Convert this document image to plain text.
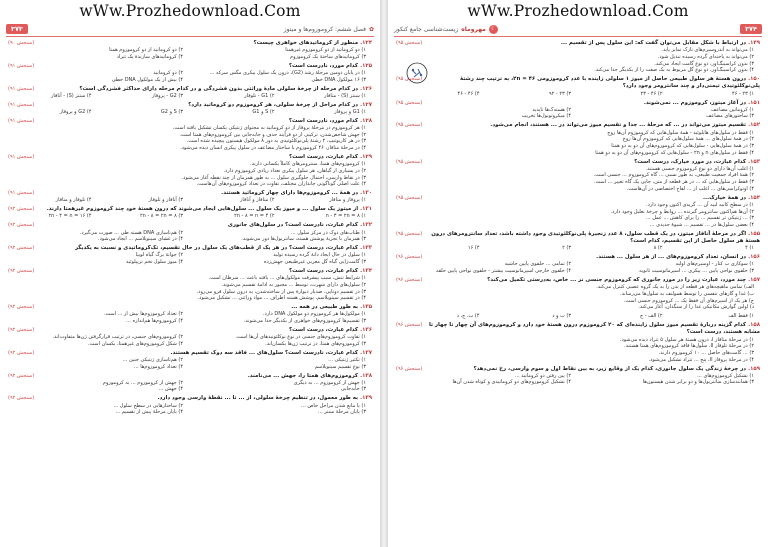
wWw.Prozhedownload.Com
✿فصل ششم: کروموزوم‌ها و میتوز
۳۷۳
۱۲۴.منظور از کروماتیدهای خواهری چیست؟
(سنجش ۹۰)
۱) دو کروماتید از دو کروموزوم غیرهمتا
۲) دو کروماتید از دو کروموزوم همتا
۳) کروماتیدهای ساختهٔ یک کروموزوم
۴) کروماتیدهای سازندهٔ یک تتراد
۱۲۵.کدام مورد، نادرست است؟
(سنجش ۹۱)
۱) در پایان دومین مرحلهٔ رشد (G2)، درون یک سلول پیکری مگس سرکه ...
۲) دو کروماتید
۳) ۱۶ مولکول DNA خطی
۴) بیش از یک مولکول DNA خطی
۱۲۶.در کدام مرحله از چرخهٔ سلولی مادهٔ وراثتی بدون فشردگی و در کدام مرحله دارای حداکثر فشردگی است؟
(سنجش ۹۱)
۱) سنتز (S) - متافاز
۲) G1 - تلوفاز
۳) G2 - پروفاز
۴) سنتز (S) - آنافاز
۱۲۷.در کدام مراحل از چرخهٔ سلولی، هر کروموزوم دو کروماتید دارد؟
(سنجش ۹۱)
۱) G1 و پروفاز
۲) S و G1
۳) S و G2
۴) G2 و پروفاز
۱۲۸.کدام مورد، نادرست است؟
(سنجش ۹۱)
۱) هر کروموزوم در مرحلهٔ پروفاز از دو کروماتید به محتوای ژنتیکی یکسان تشکیل یافته است.
۲) جهش شاخص‌شدن، ترکیبی از دو فرآیند حذف و جابه‌جایی بین کروموزوم‌های همتا است.
۳) در هر کاریوتیپ، ۲ رشتهٔ پلی‌نوکلئوتیدی به دور ۸ مولکول هیستون پیچیده شده است.
۴) در مرحلهٔ متافاز، ۴۶ کروموزوم با ساختار مضاعف در سلول پیکری انسان دیده می‌شود.
۱۲۹.کدام عبارت، درست است؟
(سنجش ۹۱)
۱) کروموزوم‌های همتا، سنترومرهای کاملاً یکسانی دارند.
۲) در بسیاری از گیاهان، هر سلول پیکری تعداد زیادی کروموزوم دارد.
۳) در نقاط وارسی، احتمال جلوگیری سلول ... به طور همزمان از چند نقطه آغاز می‌شود.
۴) علت اصلی گوناگونی جانداران مختلف، تفاوت در تعداد کروموزوم‌های آن‌هاست.
۱۳۰.در همهٔ ... کروموزوم‌ها دارای چهار کروماتید هستند.
(سنجش ۹۱)
۱) پروفاز و متافاز
۲) متافاز و آنافاز
۳) آنافاز و تلوفاز
۴) تلوفاز و متافاز
۱۳۱.از میتوز یک سلول ... و میوز یک سلول ... سلول‌هایی ایجاد می‌شوند که درون هستهٔ خود چند کروموزوم غیرهمتا دارند.
(سنجش ۹۲)
۱) ۸ = n - ۳ = ۲n
۲) ۴ = ۲n - ۸ = n
۳) ۸ = ۲n - ۸ = ۲n
۴) ۱۶ = ۲n - ۴ = n
۱۳۲.کدام عبارت، نادرست است؟ در سلول‌های جانوری
(سنجش ۹۲)
۱) طناب‌های دوک در مرکز سلول ...
۲) هم‌تاسازی DNA هسته طی ... صورت می‌گیرد.
۳) همزمان با تجزیهٔ پوشش هسته، سانتریول‌ها دور می‌شوند.
۴) در غشای سیتوپلاسم ... ایجاد می‌شود.
۱۳۳.کدام عبارت، درست است؟ در هر یک از قطب‌های یک سلول در حال تقسیم، تک‌کروماتیدی و نسبت به یکدیگر
(سنجش ۹۲)
۱) سلول در حال ایجاد دانهٔ گرده رسیده تولید
۲) جوانهٔ برگ گیاه لوبیا
۳) گامت‌زایی گیاه گل مغربی غیرطبیعی جهش‌زده
۴) میوز سلول تخم تریپلوئید
۱۳۴.کدام عبارت، درست است؟
(سنجش ۹۲)
۱) شرایط تنش، سبب پیشرفت مولکول‌های ... یافته باعث ... سرطان است.
۲) سلول‌های دارای شهرت، توسط ... مجبور به ادامهٔ تقسیم می‌شوند.
۳) در تقسیم دوتایی، ضدبار دیوارهٔ پس از ساخته‌شدن، به درون سلول فرو می‌رود.
۴) در تقسیم سیتوپلاسم، پوشش هسته اطراف ... مواد وراثتی ... تشکیل می‌شود.
۱۳۵.به طور طبیعی در همه ...
(سنجش ۹۲)
۱) مولکول‌ها هر کروموزوم دو مولکول DNA دارد.
۲) تعداد کروموزوم‌ها بیش از ... است.
۳) تقسیم‌ها کروموزوم‌های خواهری از یکدیگر جدا می‌شوند.
۴) کروموزوم‌ها هم‌اندازه ...
۱۳۶.کدام عبارت، درست است؟
(سنجش ۹۲)
۱) تفاوت کروموزوم‌های جنسی در نوع نوکلئوتیدهای آن‌ها است.
۲) کروموزوم‌های جنسی، در ترتیب قرارگرفتن ژن‌ها متفاوت‌اند.
۳) کروموزوم‌های همتا، در ترتیب ژن‌ها یکسان‌اند.
۴) شکل کروموزوم‌های غیرهمتا، یکسان است.
۱۳۷.کدام عبارت، نادرست است؟ سلول‌های ... فاقد سه دوک تقسیم هستند.
(سنجش ۹۲)
۱) تکثیر ژنتیکی ...
۲) هم‌تاسازی ژنتیکی جنین ...
۳) نوع تقسیم سیتوپلاسم
۴) تعداد کروموزوم‌ها ...
۱۳۸.کروموزوم‌های همتا را، جهش ... می‌نامند.
(سنجش ۹۲)
۱) جهش از کروموزوم ... به دیگری
۲) جهش از کروموزوم ... به کروموزوم
۳) جابه‌جایی
۴) جهش ...
۱۳۹.به طور معمول، در تنظیم چرخهٔ سلولی، از ... تا ... نقطهٔ وارسی وجود دارد.
(سنجش ۹۲)
۱) با مانع شدن مراحل خاص ...
۲) ساختارهایی در سطح سلول ...
۳) پایان مرحلهٔ سنتز ...
۴) پایان مرحلهٔ پیش از تقسیم ...
wWw.Prozhedownload.Com
۳۷۴
☾
مهروماه
زیست‌شناسی جامع کنکور
۱۴۹.در ارتباط با شکل مقابل می‌توان گفت که: این سلول پس از تقسیم ...
(سنجش ۹۵)
۱) می‌تواند به آندروسپرم‌های نازک تمایز یابد.
۲) می‌تواند به یاخته‌ای گرده رسیده تبدیل شود.
۳) بدون کراسینگ‌اور، دو نوع گامت ایجاد می‌کند.
۴) بدون کراسینگ‌اور، دو نوع گل مربوط به یک صفت را از یکدیگر جدا می‌کند.
۱۵۰.درون هستهٔ هر سلول طبیعی حاصل از میوز ۱ سلولی زاینده با عدد کروموزومی ۴۶ = ۲n، به ترتیب چند رشتهٔ پلی‌نوکلئوتیدی تیمنی‌دار و چند سانترومر وجود دارد؟
(سنجش ۹۵)
۱) ۲۳ - ۴۶
۲) ۴۶ - ۲۳
۳) ۲۳ - ۹۲
۴) ۴۶ - ۴۶
۱۵۱.در آغاز میتوز، کروموزوم ... نمی‌شوند.
(سنجش ۹۵)
۱) کروماتین مضاعف
۲) هسته‌ک‌ها ناپدید
۳) ساختورهای مضاعف
۴) میکروتوبول‌ها تخریب
۱۵۲.تقسیم میتوز می‌تواند در ... که مرحلهٔ ... جدا و تقسیم میوز می‌تواند در ... هستند، انجام می‌شود.
(سنجش ۹۵)
۱) فقط در سلول‌های هاپلوئید - همهٔ سلول‌هایی که کروموزوم آن‌ها زوج
۲) در همهٔ سلول‌های ... همهٔ سلول‌هایی که کروموزوم آن‌ها زوج
۳) در همهٔ سلول‌هایی - سلول‌هایی که کروموزوم‌های آن دو به دو همتا
۴) فقط در سلول‌های n و ۲n - سلول‌هایی که کروموزوم‌های آن دو به دو همتا
۱۵۳.کدام عبارت، در مورد خیارک، درست است؟
(سنجش ۹۵)
۱) اغلب آن‌ها دارای دو نوع کروموزوم جنسی هستند.
۲) همهٔ افراد جمعیت طبیعی، به طور نسبی ... گاه کروموزوم ... جنسی است.
۳) فقط در سلول‌هایی که ... در هر قطعه از متن، جایی یک گاه تغییر ... است.
۴) اوتوکراسی‌های ... اغلب از ... لقاح اختصاصی در آن‌هاست.
۱۵۴.در همهٔ خیارک...
(سنجش ۹۵)
۱) در سطح کانیه لبیه آن ... گریدی اکنون وجود دارد.
۲) آن‌ها هم‌اکنون سانترومر گیرنده ... روابط و چرخهٔ تعلیل وجود دارد.
۳) ... ژنتیکی تر تقسیم ... را برای کاهش ... عمل ...
۴) بعضی سلول‌ها در ... تقسیم ... شیوهٔ جدیدی ...
۱۵۵.اگر در مرحلهٔ آنافاز میتوز، در یک قطب سلول، ۸ عدد زنجیرهٔ پلی‌نوکلئوتیدی وجود داشته باشد، تعداد سانترومرهای درون هستهٔ هر سلول حاصل از این تقسیم، کدام است؟
(سنجش ۹۵)
۱) ۴
۲) ۸
۳) ۲
۴) ۱۶
۱۵۶.در انسان، تعداد کروموزوم‌های ... از هر سلول ... هستند.
(سنجش ۹۶)
۱) سوکاری ب کنار - اوسپرم‌های اولیه
۲) تمامی ... حلقوی پایین حاشیه
۳) حلقوی نواحی پایین ... پیکری ... اسپرماتوسیت ثانویه
۴) حلقوی خارجی اسپرماتوسیت بیشتر - حلقوی نواحی پایین حلقه
۱۵۷.چند مورد، عبارت زیر را در مورد جانوری که کروموزوم جنسی نر ... خاص، به‌درستی تکمیل می‌کند؟
(سنجش ۹۶)
الف) تمامی ماهیچه‌های هر قطعه از بدن را به یک گروه عصبی کنترل می‌کند.
ب) غذا و گازهای تنفسی را توسط همولنف به سلول‌ها می‌رساند.
ج) هر یک از اسپرم‌های آن فقط یک ... کروموزوم جنسی است.
د) اولین گوارش مکانیکی غذا را از سنگدان، آغاز می‌کند.
۱) فقط الف
۲) الف - ج
۳) ب و د
۴) ب، ج، د
۱۵۸.کدام گزینه دربارهٔ تقسیم میوز سلول زاینده‌ای که ۲۰ کروموزوم درون هستهٔ خود دارد و کروموزوم‌های آن چهار تا چهار تا مشابه هستند، درست است؟
(سنجش ۹۶)
۱) در مرحلهٔ متافاز I، درون هستهٔ هر سلول ۵ تتراد دیده می‌شود.
۲) در مرحلهٔ تلوفاز II، سلول‌ها فاقد کروموزوم‌های همتا هستند.
۳) ... گامت‌های حاصل ... ۱۰ کروموزوم دارند.
۴) در مرحلهٔ پروفاز II، پنج ... تتراد تشکیل می‌شود.
۱۵۹.در چرخهٔ زندگی یک سلول جانوری، کدام یک از وقایع زیر، به بین نقاط اول و سوم وارسی، رخ نمی‌دهد؟
(سنجش ۹۶)
۱) تشکیل کروموزوم‌های ...
۲) بین رفتن دو کروماتید ...
۳) همانندسازی سانتریول‌ها و دو برابر شدن هیستون‌ها
۴) تشکیل کروموزوم‌های دو کروماتیدی و کوتاه شدن آن‌ها
